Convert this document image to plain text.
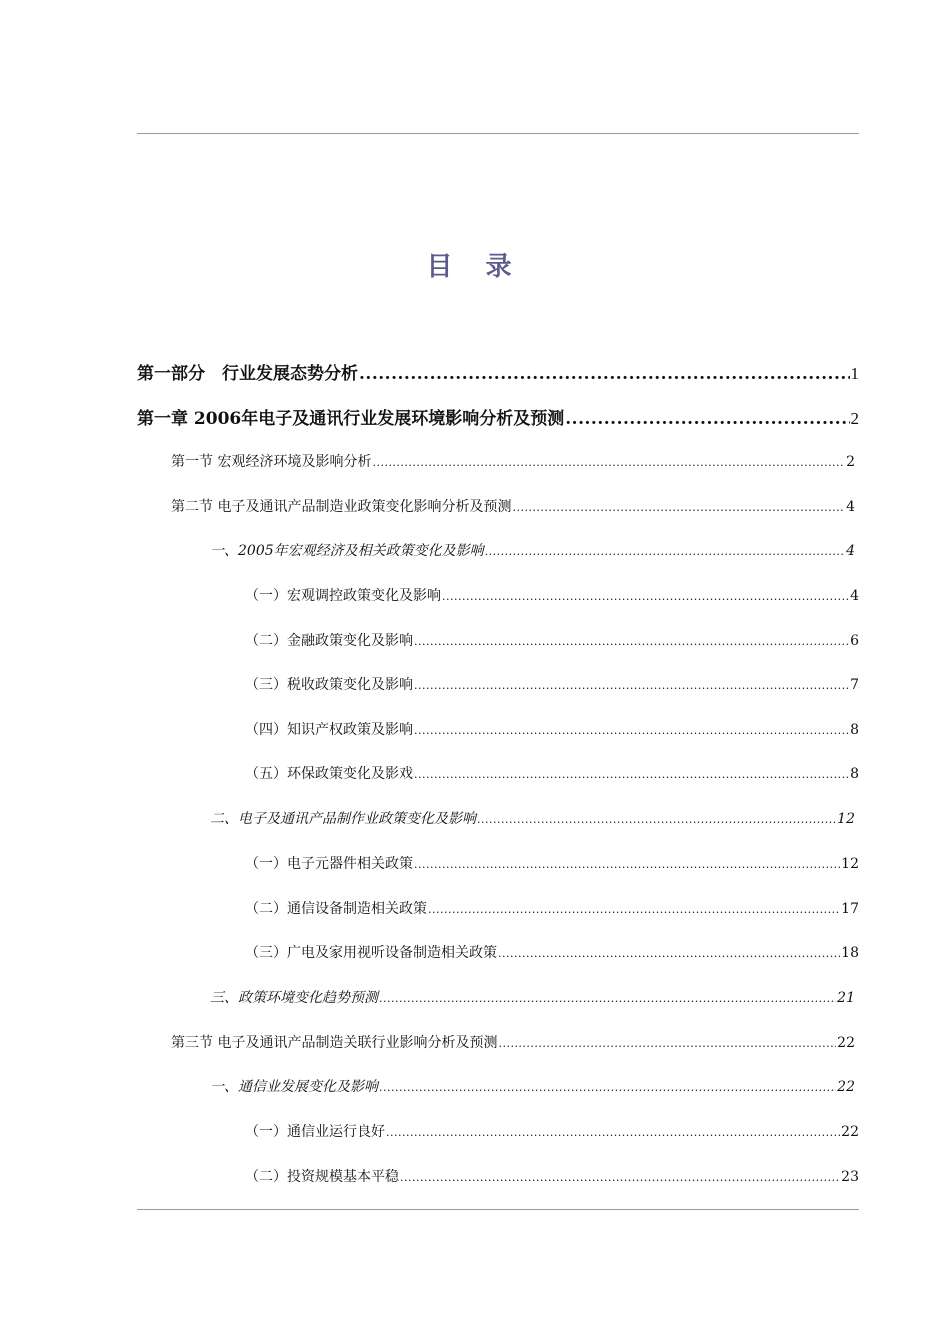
目 录
第一部分　行业发展态势分析 .....	1
第一章 2006年电子及通讯行业发展环境影响分析及预测 .....	2
第一节 宏观经济环境及影响分析 .....	2
第二节 电子及通讯产品制造业政策变化影响分析及预测 .....	4
一、2005年宏观经济及相关政策变化及影响 .....	4
（一）宏观调控政策变化及影响 .....	4
（二）金融政策变化及影响 .....	6
（三）税收政策变化及影响 .....	7
（四）知识产权政策及影响 .....	8
（五）环保政策变化及影戏 .....	8
二、电子及通讯产品制作业政策变化及影响 .....	12
（一）电子元器件相关政策 .....	12
（二）通信设备制造相关政策 .....	17
（三）广电及家用视听设备制造相关政策 .....	18
三、政策环境变化趋势预测 .....	21
第三节 电子及通讯产品制造关联行业影响分析及预测 .....	22
一、通信业发展变化及影响 .....	22
（一）通信业运行良好 .....	22
（二）投资规模基本平稳 .....	23
